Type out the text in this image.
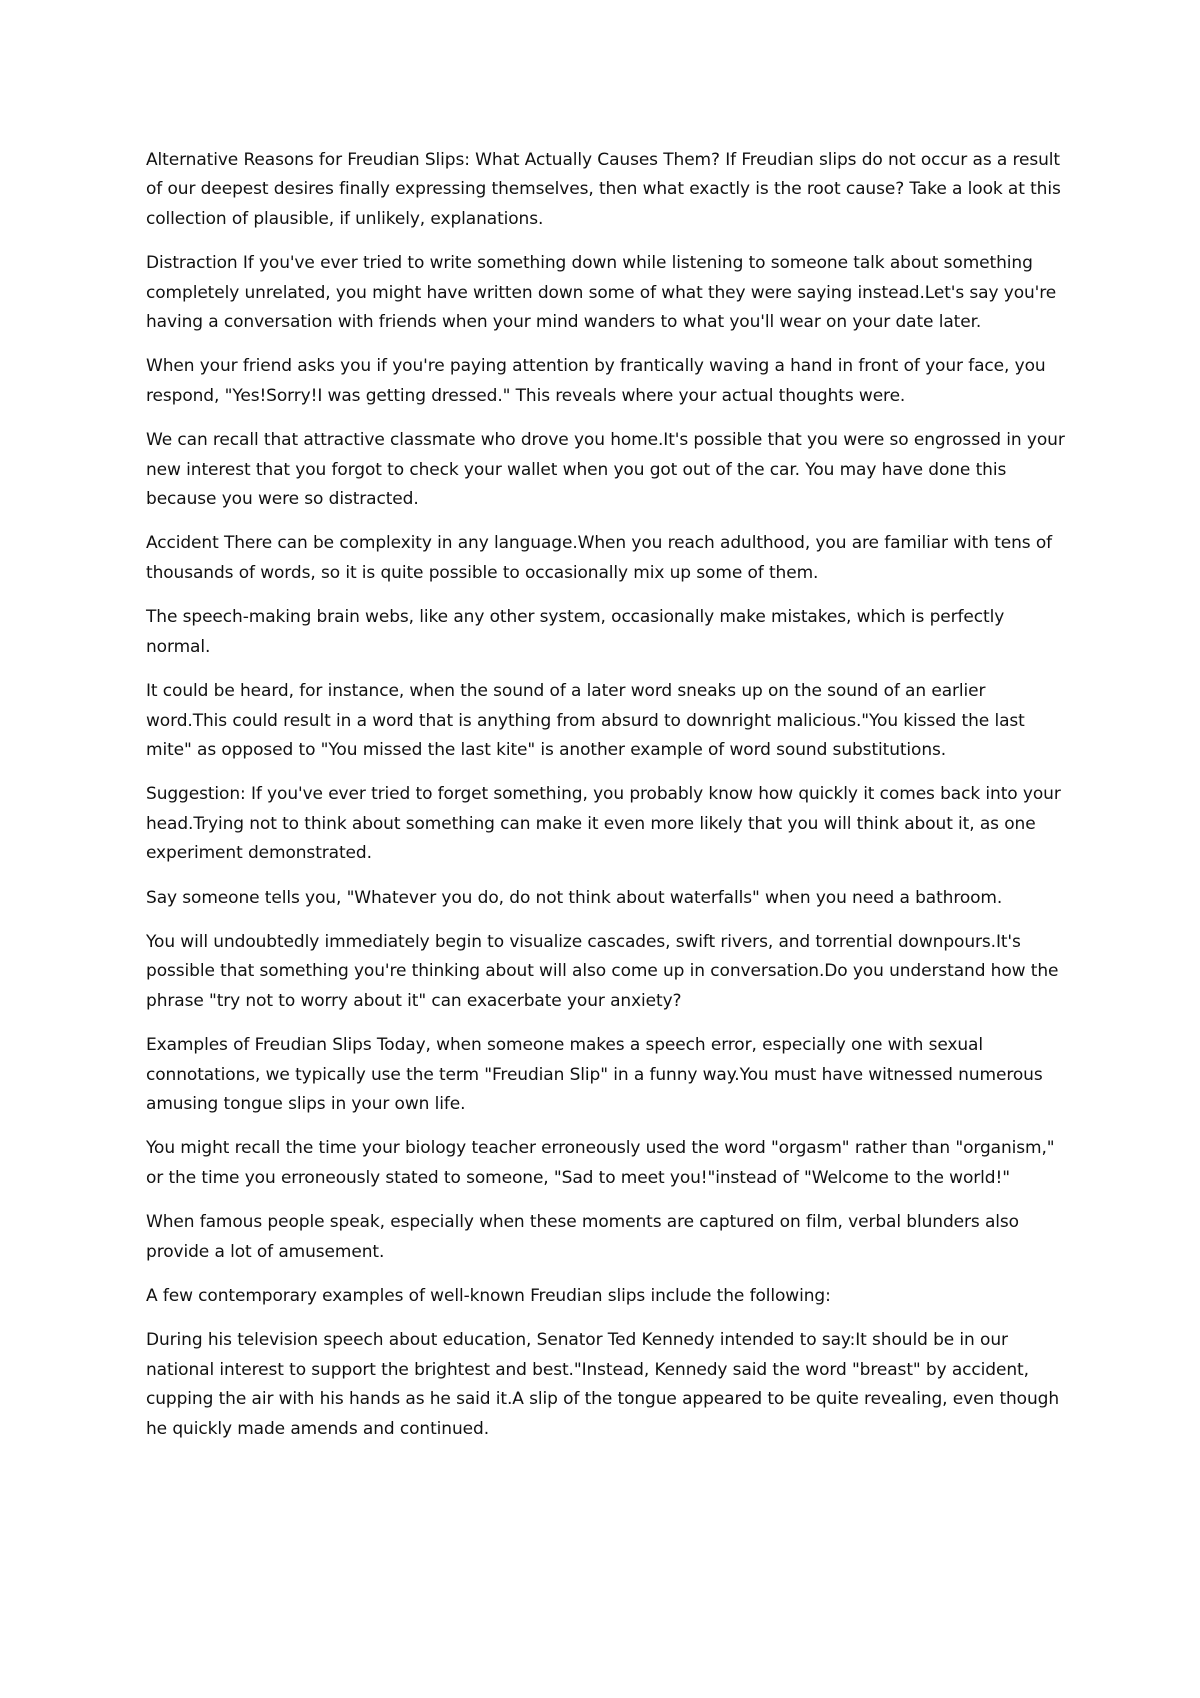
Alternative Reasons for Freudian Slips: What Actually Causes Them? If Freudian slips do not occur as a result of our deepest desires finally expressing themselves, then what exactly is the root cause? Take a look at this collection of plausible, if unlikely, explanations.

Distraction If you've ever tried to write something down while listening to someone talk about something completely unrelated, you might have written down some of what they were saying instead.Let's say you're having a conversation with friends when your mind wanders to what you'll wear on your date later.

When your friend asks you if you're paying attention by frantically waving a hand in front of your face, you respond, "Yes!Sorry!I was getting dressed." This reveals where your actual thoughts were.

We can recall that attractive classmate who drove you home.It's possible that you were so engrossed in your new interest that you forgot to check your wallet when you got out of the car. You may have done this because you were so distracted.

Accident There can be complexity in any language.When you reach adulthood, you are familiar with tens of thousands of words, so it is quite possible to occasionally mix up some of them.

The speech-making brain webs, like any other system, occasionally make mistakes, which is perfectly normal.

It could be heard, for instance, when the sound of a later word sneaks up on the sound of an earlier word.This could result in a word that is anything from absurd to downright malicious."You kissed the last mite" as opposed to "You missed the last kite" is another example of word sound substitutions.

Suggestion: If you've ever tried to forget something, you probably know how quickly it comes back into your head.Trying not to think about something can make it even more likely that you will think about it, as one experiment demonstrated.

Say someone tells you, "Whatever you do, do not think about waterfalls" when you need a bathroom.

You will undoubtedly immediately begin to visualize cascades, swift rivers, and torrential downpours.It's possible that something you're thinking about will also come up in conversation.Do you understand how the phrase "try not to worry about it" can exacerbate your anxiety?

Examples of Freudian Slips Today, when someone makes a speech error, especially one with sexual connotations, we typically use the term "Freudian Slip" in a funny way.You must have witnessed numerous amusing tongue slips in your own life.

You might recall the time your biology teacher erroneously used the word "orgasm" rather than "organism," or the time you erroneously stated to someone, "Sad to meet you!"instead of "Welcome to the world!"

When famous people speak, especially when these moments are captured on film, verbal blunders also provide a lot of amusement.

A few contemporary examples of well-known Freudian slips include the following:

During his television speech about education, Senator Ted Kennedy intended to say:It should be in our national interest to support the brightest and best."Instead, Kennedy said the word "breast" by accident, cupping the air with his hands as he said it.A slip of the tongue appeared to be quite revealing, even though he quickly made amends and continued.
